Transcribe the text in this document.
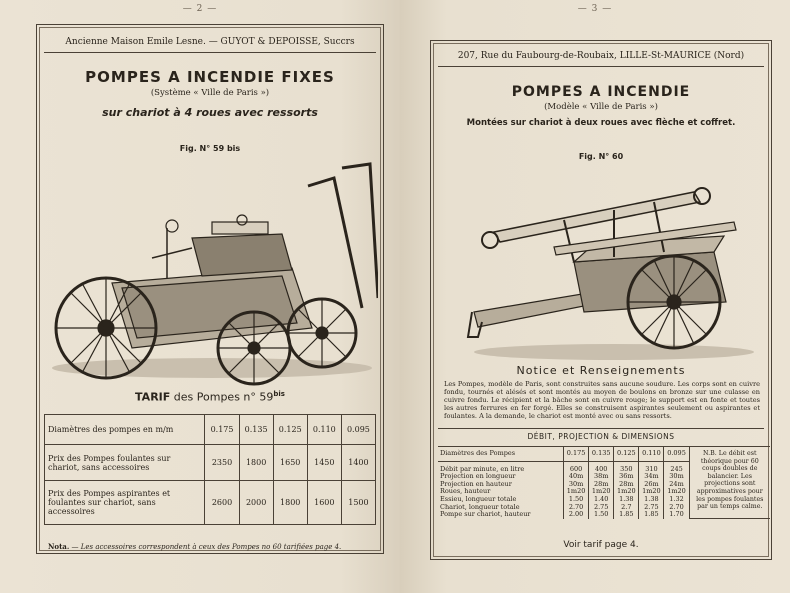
— 2 —
Ancienne Maison Emile Lesne. — GUYOT & DÉPOISSE, Succrs
POMPES A INCENDIE FIXES
(Système « Ville de Paris »)
sur chariot à 4 roues avec ressorts
Fig. N° 59 bis
TARIF des Pompes n° $59^{bis}$
Diamètres des pompes en m/m	0.175	0.135	0.125	0.110	0.095
Prix des Pompes foulantes sur chariot, sans accessoires	2350	1800	1650	1450	1400
Prix des Pompes aspirantes et foulantes sur chariot, sans accessoires	2600	2000	1800	1600	1500
Nota. — Les accessoires correspondent à ceux des Pompes no 60 tarifiées page 4.
— 3 —
207, Rue du Faubourg-de-Roubaix, LILLE-St-MAURICE (Nord)
POMPES A INCENDIE
(Modèle « Ville de Paris »)
Montées sur chariot à deux roues avec flèche et coffret.
Fig. N° 60
Notice et Renseignements
Les Pompes, modèle de Paris, sont construites sans aucune soudure. Les corps sont en cuivre fondu, tournés et alésés et sont montés au moyen de boulons en bronze sur une culasse en cuivre fondu. Le récipient et la bâche sont en cuivre rouge; le support est en fonte et toutes les autres ferrures en fer forgé. Elles se construisent aspirantes seulement ou aspirantes et foulantes. A la demande, le chariot est monté avec ou sans ressorts.
DÉBIT, PROJECTION & DIMENSIONS
Diamètres des Pompes	0.175	0.135	0.125	0.110	0.095	N.B. Le débit est théorique pour 60 coups doubles de balancier. Les projections sont approximatives pour les pompes foulantes par un temps calme.
Débit par minute, en litre	600	400	350	310	245	
Projection en longueur	40m	38m	36m	34m	30m	
Projection en hauteur	30m	28m	28m	26m	24m	
Roues, hauteur	1m20	1m20	1m20	1m20	1m20	
Essieu, longueur totale	1.50	1.40	1.38	1.38	1.32	
Chariot, longueur totale	2.70	2.75	2.7	2.75	2.70	
Pompe sur chariot, hauteur	2.00	1.50	1.85	1.85	1.70	
Voir tarif page 4.
